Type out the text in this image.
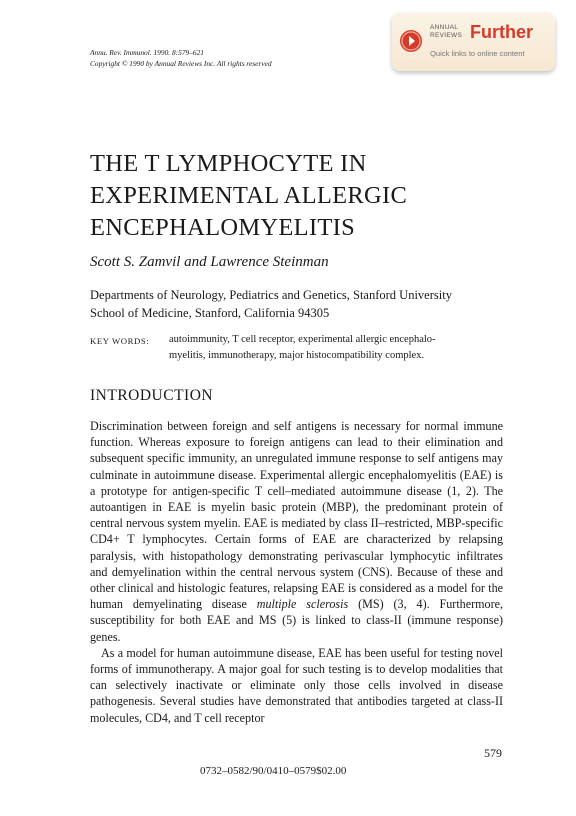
Annu. Rev. Immunol. 1990. 8:579–621
Copyright © 1990 by Annual Reviews Inc. All rights reserved
ANNUAL
REVIEWS Further
Quick links to online content
THE T LYMPHOCYTE IN
EXPERIMENTAL ALLERGIC
ENCEPHALOMYELITIS
Scott S. Zamvil and Lawrence Steinman
Departments of Neurology, Pediatrics and Genetics, Stanford University
School of Medicine, Stanford, California 94305
KEY WORDS: autoimmunity, T cell receptor, experimental allergic encephalo-
myelitis, immunotherapy, major histocompatibility complex.
INTRODUCTION

Discrimination between foreign and self antigens is necessary for normal immune function. Whereas exposure to foreign antigens can lead to their elimination and subsequent specific immunity, an unregulated immune response to self antigens may culminate in autoimmune disease. Experimental allergic encephalomyelitis (EAE) is a prototype for antigen-specific T cell–mediated autoimmune disease (1, 2). The autoantigen in EAE is myelin basic protein (MBP), the predominant protein of central nervous system myelin. EAE is mediated by class II–restricted, MBP-specific CD4+ T lymphocytes. Certain forms of EAE are characterized by relapsing paralysis, with histopathology demonstrating perivascular lymphocytic infiltrates and demyelination within the central nervous system (CNS). Because of these and other clinical and histologic features, relapsing EAE is considered as a model for the human demyelinating disease multiple sclerosis (MS) (3, 4). Furthermore, susceptibility for both EAE and MS (5) is linked to class-II (immune response) genes.

As a model for human autoimmune disease, EAE has been useful for testing novel forms of immunotherapy. A major goal for such testing is to develop modalities that can selectively inactivate or eliminate only those cells involved in disease pathogenesis. Several studies have demonstrated that antibodies targeted at class-II molecules, CD4, and T cell receptor

579
0732–0582/90/0410–0579$02.00
